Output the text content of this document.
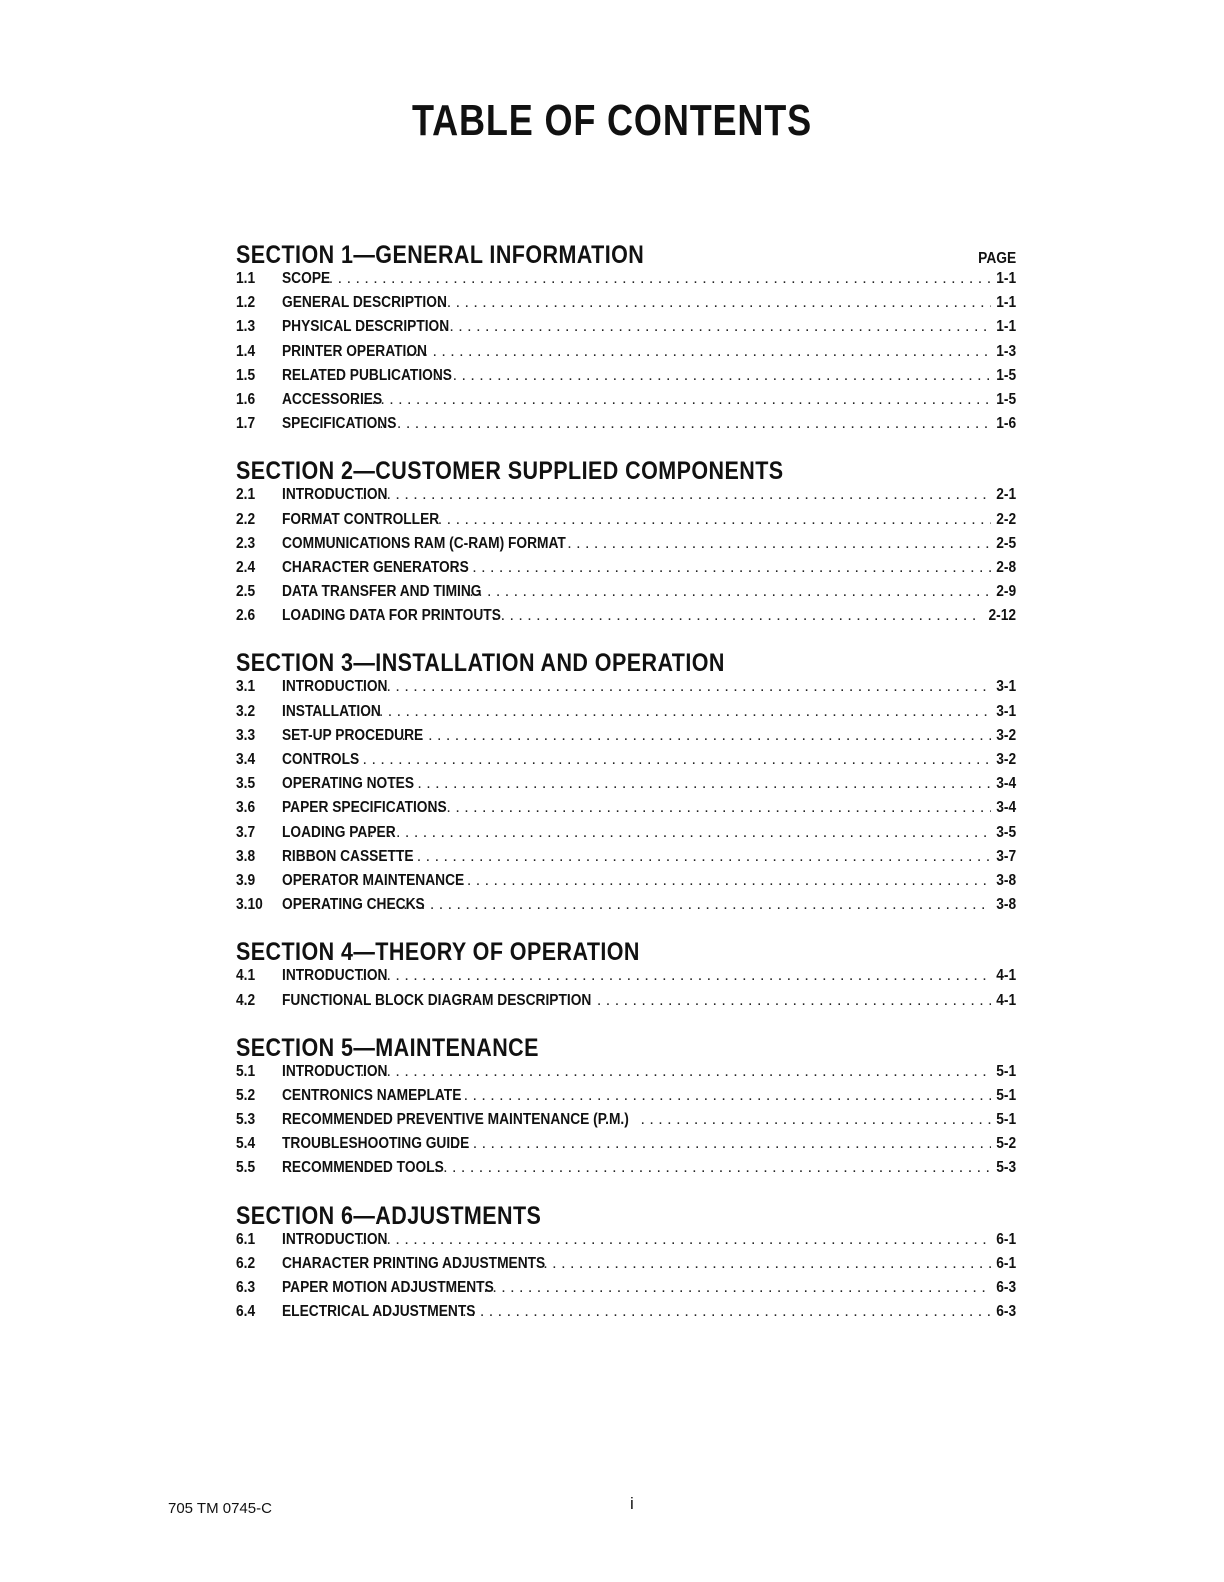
TABLE OF CONTENTS
SECTION 1—GENERAL INFORMATION	PAGE
1.1	SCOPE . . .	1-1
1.2	GENERAL DESCRIPTION . . .	1-1
1.3	PHYSICAL DESCRIPTION . . .	1-1
1.4	PRINTER OPERATION . . .	1-3
1.5	RELATED PUBLICATIONS . . .	1-5
1.6	ACCESSORIES . . .	1-5
1.7	SPECIFICATIONS . . .	1-6
SECTION 2—CUSTOMER SUPPLIED COMPONENTS
2.1	INTRODUCTION . . .	2-1
2.2	FORMAT CONTROLLER . . .	2-2
2.3	COMMUNICATIONS RAM (C-RAM) FORMAT . . .	2-5
2.4	CHARACTER GENERATORS . . .	2-8
2.5	DATA TRANSFER AND TIMING . . .	2-9
2.6	LOADING DATA FOR PRINTOUTS . . .	2-12
SECTION 3—INSTALLATION AND OPERATION
3.1	INTRODUCTION . . .	3-1
3.2	INSTALLATION . . .	3-1
3.3	SET-UP PROCEDURE . . .	3-2
3.4	CONTROLS . . .	3-2
3.5	OPERATING NOTES . . .	3-4
3.6	PAPER SPECIFICATIONS . . .	3-4
3.7	LOADING PAPER . . .	3-5
3.8	RIBBON CASSETTE . . .	3-7
3.9	OPERATOR MAINTENANCE . . .	3-8
3.10	OPERATING CHECKS . . .	3-8
SECTION 4—THEORY OF OPERATION
4.1	INTRODUCTION . . .	4-1
4.2	FUNCTIONAL BLOCK DIAGRAM DESCRIPTION . . .	4-1
SECTION 5—MAINTENANCE
5.1	INTRODUCTION . . .	5-1
5.2	CENTRONICS NAMEPLATE . . .	5-1
5.3	RECOMMENDED PREVENTIVE MAINTENANCE (P.M.) . . .	5-1
5.4	TROUBLESHOOTING GUIDE . . .	5-2
5.5	RECOMMENDED TOOLS . . .	5-3
SECTION 6—ADJUSTMENTS
6.1	INTRODUCTION . . .	6-1
6.2	CHARACTER PRINTING ADJUSTMENTS . . .	6-1
6.3	PAPER MOTION ADJUSTMENTS . . .	6-3
6.4	ELECTRICAL ADJUSTMENTS . . .	6-3
705 TM 0745-C	i
